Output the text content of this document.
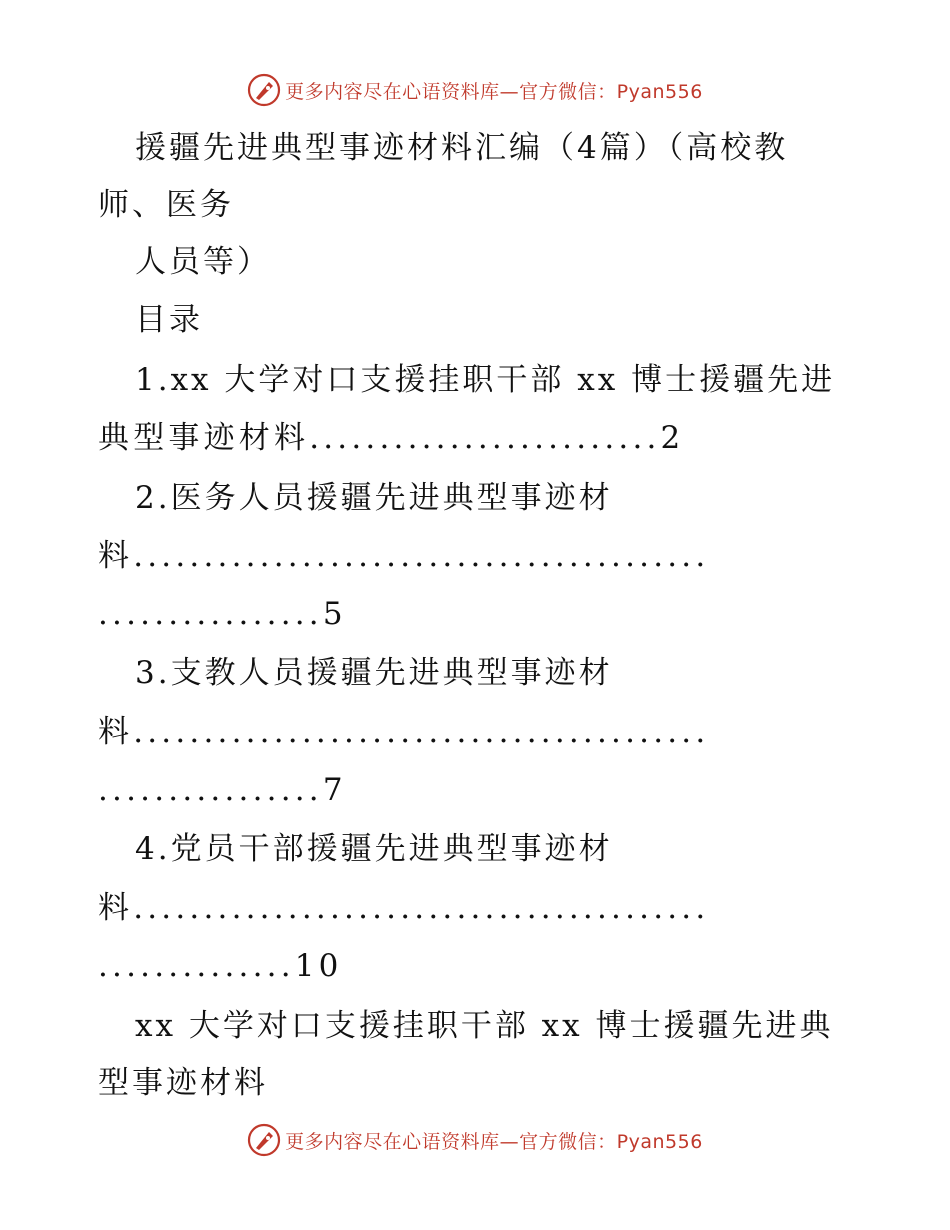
更多内容尽在心语资料库—官方微信：Pyan556
援疆先进典型事迹材料汇编（4篇）（高校教
师、医务
人员等）
目录
1.xx 大学对口支援挂职干部 xx 博士援疆先进
典型事迹材料.........................2
2.医务人员援疆先进典型事迹材
料.........................................
................5
3.支教人员援疆先进典型事迹材
料.........................................
................7
4.党员干部援疆先进典型事迹材
料.........................................
..............10
xx 大学对口支援挂职干部 xx 博士援疆先进典
型事迹材料
更多内容尽在心语资料库—官方微信：Pyan556
